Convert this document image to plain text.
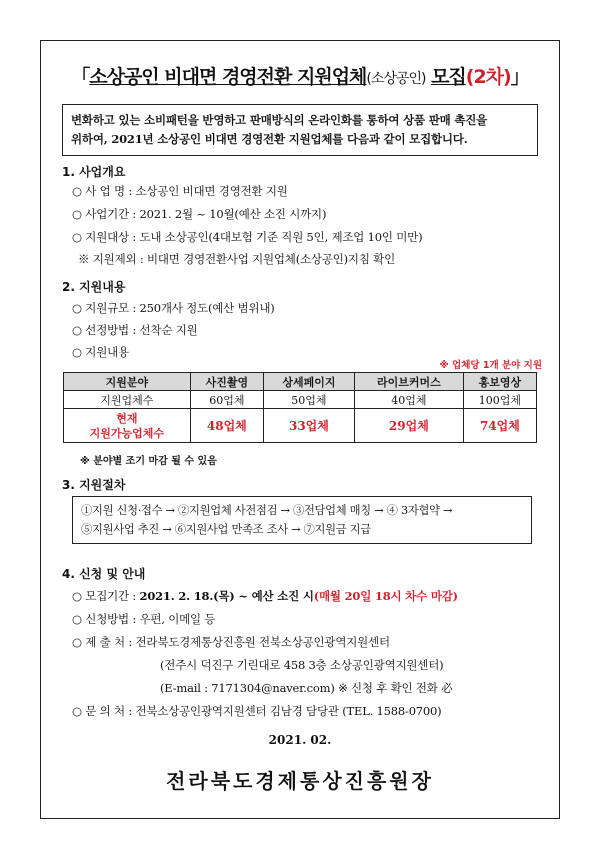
「소상공인 비대면 경영전환 지원업체(소상공인) 모집(2차)」
변화하고 있는 소비패턴을 반영하고 판매방식의 온라인화를 통하여 상품 판매 촉진을
위하여, 2021년 소상공인 비대면 경영전환 지원업체를 다음과 같이 모집합니다.
1. 사업개요
○ 사 업 명 : 소상공인 비대면 경영전환 지원
○ 사업기간 : 2021. 2월 ~ 10월(예산 소진 시까지)
○ 지원대상 : 도내 소상공인(4대보험 기준 직원 5인, 제조업 10인 미만)
※ 지원제외 : 비대면 경영전환사업 지원업체(소상공인)지침 확인
2. 지원내용
○ 지원규모 : 250개사 정도(예산 범위내)
○ 선정방법 : 선착순 지원
○ 지원내용
※ 업체당 1개 분야 지원
지원분야	사진촬영	상세페이지	라이브커머스	홍보영상
지원업체수	60업체	50업체	40업체	100업체

현재
지원가능업체수	48업체	33업체	29업체	74업체
※ 분야별 조기 마감 될 수 있음
3. 지원절차
①지원 신청·접수 → ②지원업체 사전점검 → ③전담업체 매칭 → ④ 3자협약 →
⑤지원사업 추진 → ⑥지원사업 만족조 조사 → ⑦지원금 지급
4. 신청 및 안내
○ 모집기간 : 2021. 2. 18.(목) ~ 예산 소진 시(매월 20일 18시 차수 마감)
○ 신청방법 : 우편, 이메일 등
○ 제 출 처 : 전라북도경제통상진흥원 전북소상공인광역지원센터
(전주시 덕진구 기린대로 458 3층 소상공인광역지원센터)
(E-mail : 7171304@naver.com) ※ 신청 후 확인 전화 必
○ 문 의 처 : 전북소상공인광역지원센터 김남경 담당관 (TEL. 1588-0700)
2021. 02.
전라북도경제통상진흥원장
